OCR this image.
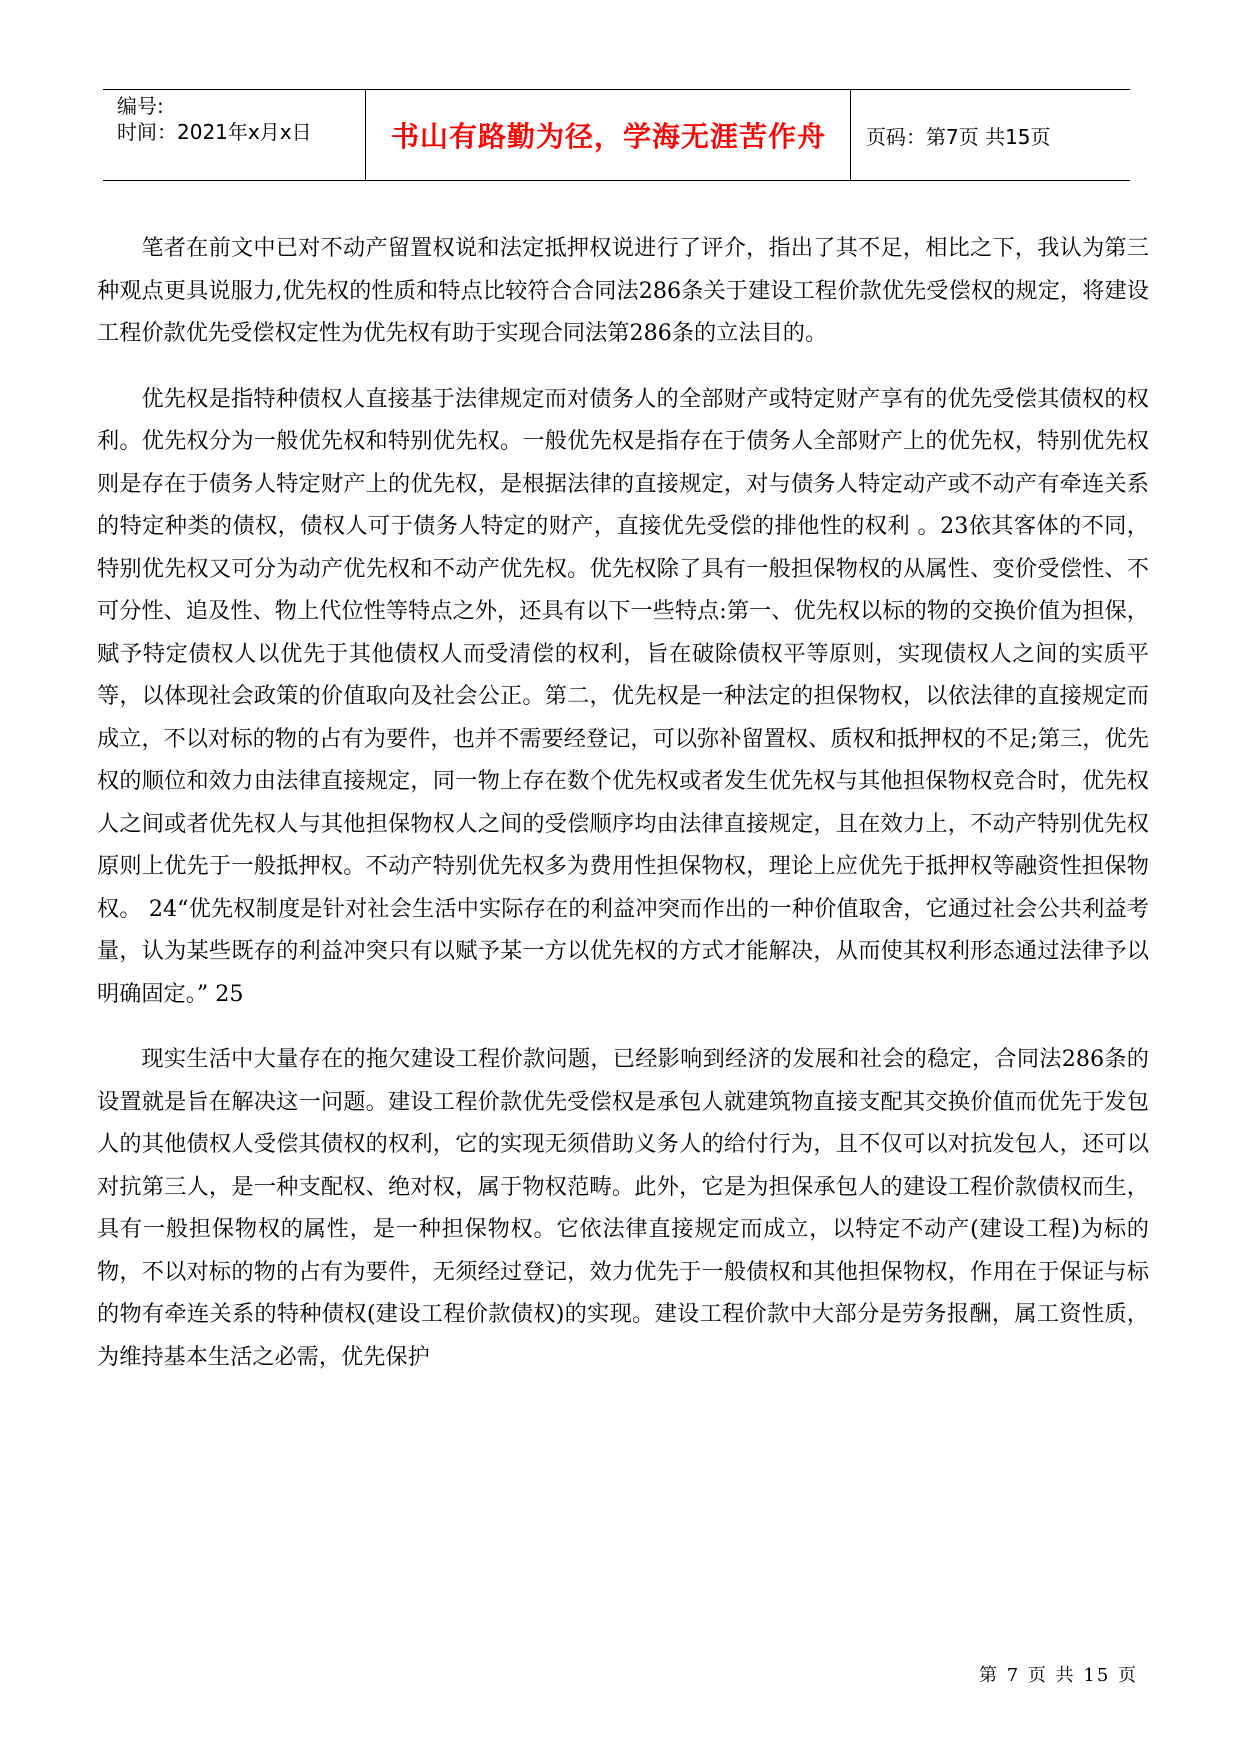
编号:
时间：2021年x月x日	书山有路勤为径，学海无涯苦作舟	页码：第7页 共15页

笔者在前文中已对不动产留置权说和法定抵押权说进行了评介，指出了其不足，相比之下，我认为第三种观点更具说服力,优先权的性质和特点比较符合合同法286条关于建设工程价款优先受偿权的规定，将建设工程价款优先受偿权定性为优先权有助于实现合同法第286条的立法目的。

优先权是指特种债权人直接基于法律规定而对债务人的全部财产或特定财产享有的优先受偿其债权的权利。优先权分为一般优先权和特别优先权。一般优先权是指存在于债务人全部财产上的优先权，特别优先权则是存在于债务人特定财产上的优先权，是根据法律的直接规定，对与债务人特定动产或不动产有牵连关系的特定种类的债权，债权人可于债务人特定的财产，直接优先受偿的排他性的权利 。23依其客体的不同，特别优先权又可分为动产优先权和不动产优先权。优先权除了具有一般担保物权的从属性、变价受偿性、不可分性、追及性、物上代位性等特点之外，还具有以下一些特点:第一、优先权以标的物的交换价值为担保，赋予特定债权人以优先于其他债权人而受清偿的权利，旨在破除债权平等原则，实现债权人之间的实质平等，以体现社会政策的价值取向及社会公正。第二，优先权是一种法定的担保物权，以依法律的直接规定而成立，不以对标的物的占有为要件，也并不需要经登记，可以弥补留置权、质权和抵押权的不足;第三，优先权的顺位和效力由法律直接规定，同一物上存在数个优先权或者发生优先权与其他担保物权竞合时，优先权人之间或者优先权人与其他担保物权人之间的受偿顺序均由法律直接规定，且在效力上，不动产特别优先权原则上优先于一般抵押权。不动产特别优先权多为费用性担保物权，理论上应优先于抵押权等融资性担保物权。 24“优先权制度是针对社会生活中实际存在的利益冲突而作出的一种价值取舍，它通过社会公共利益考量，认为某些既存的利益冲突只有以赋予某一方以优先权的方式才能解决，从而使其权利形态通过法律予以明确固定。” 25

现实生活中大量存在的拖欠建设工程价款问题，已经影响到经济的发展和社会的稳定，合同法286条的设置就是旨在解决这一问题。建设工程价款优先受偿权是承包人就建筑物直接支配其交换价值而优先于发包人的其他债权人受偿其债权的权利，它的实现无须借助义务人的给付行为，且不仅可以对抗发包人，还可以对抗第三人，是一种支配权、绝对权，属于物权范畴。此外，它是为担保承包人的建设工程价款债权而生，具有一般担保物权的属性，是一种担保物权。它依法律直接规定而成立，以特定不动产(建设工程)为标的物，不以对标的物的占有为要件，无须经过登记，效力优先于一般债权和其他担保物权，作用在于保证与标的物有牵连关系的特种债权(建设工程价款债权)的实现。建设工程价款中大部分是劳务报酬，属工资性质，为维持基本生活之必需，优先保护

第 7 页 共 15 页
